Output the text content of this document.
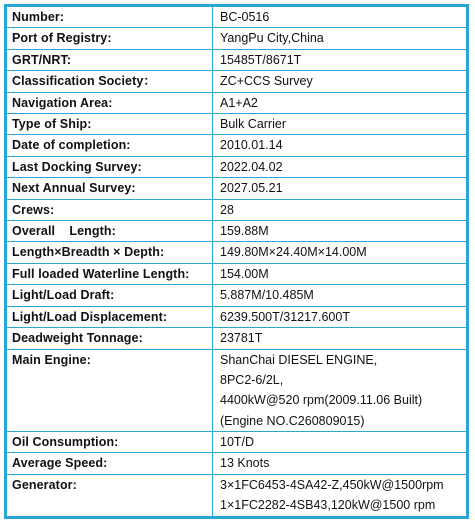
Number:	BC-0516
Port of Registry:	YangPu City,China
GRT/NRT:	15485T/8671T
Classification Society：	ZC+CCS Survey
Navigation Area:	A1+A2
Type of Ship:	Bulk Carrier
Date of completion:	2010.01.14
Last Docking Survey:	2022.04.02
Next Annual Survey:	2027.05.21
Crews:	28
Overall    Length:	159.88M
Length×Breadth × Depth:	149.80M×24.40M×14.00M
Full loaded Waterline Length:	154.00M
Light/Load Draft:	5.887M/10.485M
Light/Load Displacement:	6239.500T/31217.600T
Deadweight Tonnage:	23781T
Main Engine:	ShanChai DIESEL ENGINE,
8PC2-6/2L,
4400kW@520 rpm(2009.11.06 Built)
(Engine NO.C260809015)

Oil Consumption:	10T/D
Average Speed:	13 Knots
Generator:	3×1FC6453-4SA42-Z,450kW@1500rpm
1×1FC2282-4SB43,120kW@1500 rpm
